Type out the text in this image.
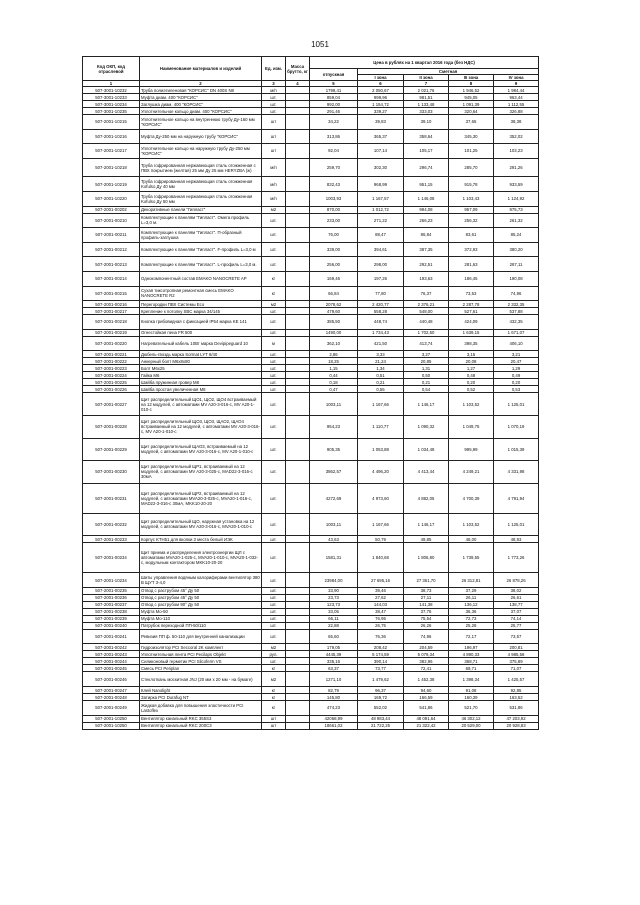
1051
Код ОКП, код отраслевой	Наименование материалов и изделий	Ед. изм.	Масса брутто, кг	Цена в рублях на 1 квартал 2016 года (без НДС)				
				отпускная	Сметная			
					I зона	II зона	III зона	IV зона
1	2	3	4	5	6	7	8	9
507-3001-10232	Труба полиэтиленовая "КОРСИС" DN 400S N8	м/п		1799,41	2 050,67	2 021,76	1 946,52	1 984,44
507-3001-10233	Муфта диам. 400 "КОРСИС"	шт.		859,04	999,96	981,51	945,05	963,44
507-3001-10234	Заглушка диам. 400 "КОРСИС"	шт.		992,00	1 154,72	1 133,48	1 091,39	1 112,55
507-3001-10235	Уплотнительное кольцо диам. 400 "КОРСИС"	шт.		291,46	339,27	333,03	320,64	326,88
507-2001-10215	Уплотнительное кольцо на внутреннюю трубу Ду-160 мм "КОРСИС"	шт		34,22	39,83	39,10	37,65	38,38
507-2001-10216	Муфта Ду-250 мм на наружную трубу "КОРСИС"	шт		313,86	365,37	358,64	345,30	352,02
507-2001-10217	Уплотнительное кольцо на наружную трубу Ду-250 мм "КОРСИС"	шт		92,04	107,14	105,17	101,25	103,23
507-2001-10218	Труба гофрированная нержавеющая сталь отожженная с ПВХ покрытием (желтая) 25 мм Ду 25 мм HERYZBA (ж)	м/п		259,70	302,30	296,74	285,70	291,26
507-2001-10219	Труба гофрированная нержавеющая сталь отожженная Kofulso Ду 40 мм	м/п		832,43	968,99	951,15	915,78	933,59
507-2001-10220	Труба гофрированная нержавеющая сталь отожженная Kofulso Ду 50 мм	м/п		1003,93	1 167,57	1 146,08	1 103,43	1 124,92
507-2001-00202	Декоративные панели "Гипласт"	м2		870,00	1 012,72	994,08	957,09	975,73
507-2001-00210	Комплектующие к панелям "Гипласт". Омега профиль L=3,0 м.	шт.		233,00	271,22	266,23	256,32	261,32
507-2001-00211	Комплектующие к панелям "Гипласт". П-образный профиль-заглушка	шт.		76,00	88,47	86,84	83,61	85,24
507-2001-00212	Комплектующие к панелям "Гипласт". F-профиль L=3,0 м	шт.		339,00	394,61	387,35	372,93	380,20
507-2001-00213	Комплектующие к панелям "Гипласт". L-профиль L=3,0 м.	шт.		256,00	298,00	292,51	281,63	287,11
507-2001-00214	Однокомпонентный состав EMAKO NANOCRETE AP	кг		169,46	197,26	193,63	186,45	190,08
507-2001-00215	Сухая тиксотропная ремонтная смесь EMAKO NANOCRETE R2	кг		66,84	77,80	76,37	73,53	74,96
507-2001-00216	Перегородки ПВХ Системы Eco	м2		2078,62	2 420,77	2 376,21	2 287,78	2 332,35
507-2001-00217	Крепление к потолку SBC марка 34/145	шт.		479,60	558,28	548,00	527,61	537,88
507-2001-00218	Кнопка грибовидная с фиксацией IP54 марка KE 141	шт.		385,50	448,74	440,48	424,09	432,35
507-2001-00219	Огнестойкая пена FR 500	шт.		1490,00	1 734,43	1 702,50	1 639,15	1 671,07
507-2001-00220	Нагревательный кабель 10Вт марка Devipipeguard 10	м		362,10	421,50	413,74	398,35	406,10
507-2001-00221	Дюбель-гвоздь марка Sormat LYT 8/40	шт.		2,86	3,33	3,27	3,15	3,21
507-2001-00222	Анкерный болт M6x8x80	шт.		18,25	21,24	20,85	20,08	20,47
507-2001-00223	Болт M6x25	шт.		1,15	1,34	1,31	1,27	1,29
507-2001-00224	Гайка M6	шт.		0,44	0,51	0,50	0,48	0,49
507-2001-00225	Шайба пружинная гровер M8	шт.		0,18	0,21	0,21	0,20	0,20
507-2001-00226	Шайба простая увеличенная M8	шт.		0,47	0,55	0,54	0,52	0,53
507-2001-00227	Щит распределительный ЩО1, ЩО2, ЩО4 встраиваемый на 12 модулей, с автоматами MV A20-3-016-с, MV A20-1-010-с	шт.		1003,11	1 167,66	1 146,17	1 103,52	1 125,01
507-2001-00228	Щит распределительный ЩО3, ЩО3, ЩАО2, ЩАО4 встраиваемый на 12 модулей, с автоматами MV A20-3-016-с, MV A20-1-010-с	шт.		954,23	1 110,77	1 090,32	1 049,75	1 070,19
507-2001-00229	Щит распределительный ЩАО3, встраиваемый на 12 модулей, с автоматами MV A20-3-016-с, MV A20-1-010-с	шт.		905,35	1 053,88	1 034,48	995,99	1 015,39
507-2001-00230	Щит распределительный ЩР1, встраиваемый на 12 модулей, с автоматами MV A20-3-025-с, MAD22-3-016-с 30мA	шт.		3862,57	4 496,20	4 413,44	4 249,21	4 331,98
507-2001-00231	Щит распределительный ЩР2, встраиваемый на 12 модулей, с автоматами MVA20-3-025-с, MVA20-1-016-с, MAD22-3-016-с 30мA, MKK10-20-20	шт.		4272,69	4 973,60	4 882,05	4 700,39	4 791,94
507-2001-00232	Щит распределительный ЩО, наружная установка на 12 модулей, с автоматами MV A20-3-016-с, MVA20-1-010-с	шт.		1003,11	1 167,66	1 146,17	1 103,52	1 125,01
507-2001-00233	Корпус KTH51 для вкопки 3 места белый ИЭК	шт.		43,63	50,79	49,85	48,00	48,93
507-2001-00234	Щит приема и распределения электроэнергии ЩЛ с автоматами MVA20-1-025-с, MVA20-1-010-с, MVA20-1-032-с, модульным контактором MKK10-20-20	шт.		1581,31	1 840,68	1 806,80	1 739,55	1 773,26
507-2001-10234	Шиты управления водяным калориферами вентилятор 380 В ЩУТ 3-4,0	шт.		23984,00	27 695,16	27 361,70	26 312,81	26 878,26
507-2001-00235	Отвод с раструбом 45° Ду 50	шт.		33,90	39,46	38,73	37,29	38,02
507-2001-00236	Отвод с раструбом 45° Ду 50	шт.		23,73	27,62	27,11	26,11	26,61
507-2001-00237	Отвод с раструбом 90° Ду 50	шт.		123,73	144,03	141,38	136,12	138,77
507-2001-00238	Муфта Мо-50	шт.		33,05	38,47	37,76	36,36	37,07
507-2001-00239	Муфта Мо-110	шт.		66,11	76,95	75,54	72,73	74,14
507-2001-00240	Патрубок переходной ПП-50/110	шт.		22,88	26,75	26,26	25,28	25,77
507-2001-00241	Ревизия ПП ф. 50-110 для внутренней канализации	шт.		65,60	76,36	74,96	72,17	73,57
507-2001-00242	Гидроизолятор PCI Seccoral 2K комплект	м2		179,05	208,42	204,59	196,97	200,81
507-2001-00243	Уплотнительная лента PCI Pecilaps Objekt	рул.		4445,39	5 174,59	5 079,34	4 890,33	4 985,58
507-2001-00244	Силиконовый герметик PCI Silcoferm VS	шт.		335,16	390,14	382,96	368,71	375,89
507-2001-00245	Смесь PCI Periplan	кг		63,37	73,77	72,41	69,71	71,07
507-2001-00246	Стеклоткань москитная JNJ (20 мм x 20 мм - на бумаге)	м2		1271,10	1 479,62	1 452,38	1 398,34	1 425,57
507-2001-00247	Клей Nanolight	кг		82,79	96,37	94,60	91,08	92,85
507-2001-00248	Затирка PCI Durafug NT	кг		145,80	169,72	166,59	160,39	163,52
507-2001-00249	Жидкая добавка для повышения эластичности PCI Lastoflex	кг		474,23	552,02	541,86	521,70	531,86
507-2001-10250	Вентилятор канальный RKC 355S3	шт		42068,99	48 983,44	48 091,64	46 302,12	47 203,92
507-2001-10250	Вентилятор канальный RKC 200C3	шт		18661,02	21 722,25	21 322,42	20 529,00	20 928,83
